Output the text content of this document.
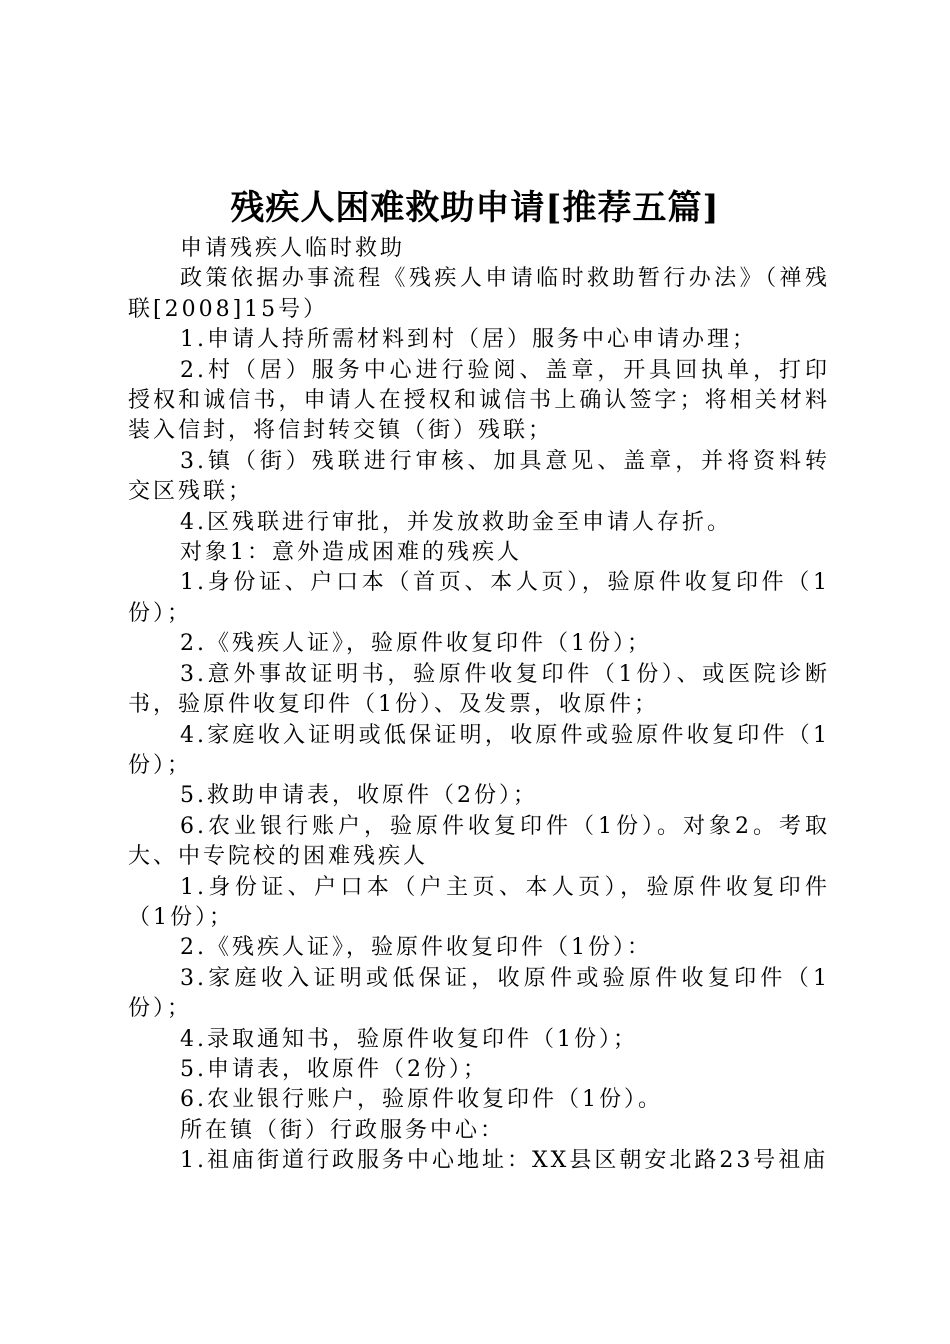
残疾人困难救助申请[推荐五篇]

申请残疾人临时救助

政策依据办事流程《残疾人申请临时救助暂行办法》（禅残联[2008]15号）

1.申请人持所需材料到村（居）服务中心申请办理；

2.村（居）服务中心进行验阅、盖章，开具回执单，打印授权和诚信书，申请人在授权和诚信书上确认签字；将相关材料装入信封，将信封转交镇（街）残联；

3.镇（街）残联进行审核、加具意见、盖章，并将资料转交区残联；

4.区残联进行审批，并发放救助金至申请人存折。

对象1：意外造成困难的残疾人

1.身份证、户口本（首页、本人页），验原件收复印件（1份）；

2.《残疾人证》，验原件收复印件（1份）；

3.意外事故证明书，验原件收复印件（1份）、或医院诊断书，验原件收复印件（1份）、及发票，收原件；

4.家庭收入证明或低保证明，收原件或验原件收复印件（1份）；

5.救助申请表，收原件（2份）；

6.农业银行账户，验原件收复印件（1份）。对象2。考取大、中专院校的困难残疾人

1.身份证、户口本（户主页、本人页），验原件收复印件（1份）；

2.《残疾人证》，验原件收复印件（1份）：

3.家庭收入证明或低保证，收原件或验原件收复印件（1份）；

4.录取通知书，验原件收复印件（1份）；

5.申请表，收原件（2份）；

6.农业银行账户，验原件收复印件（1份）。

所在镇（街）行政服务中心：

1.祖庙街道行政服务中心地址：XX县区朝安北路23号祖庙
